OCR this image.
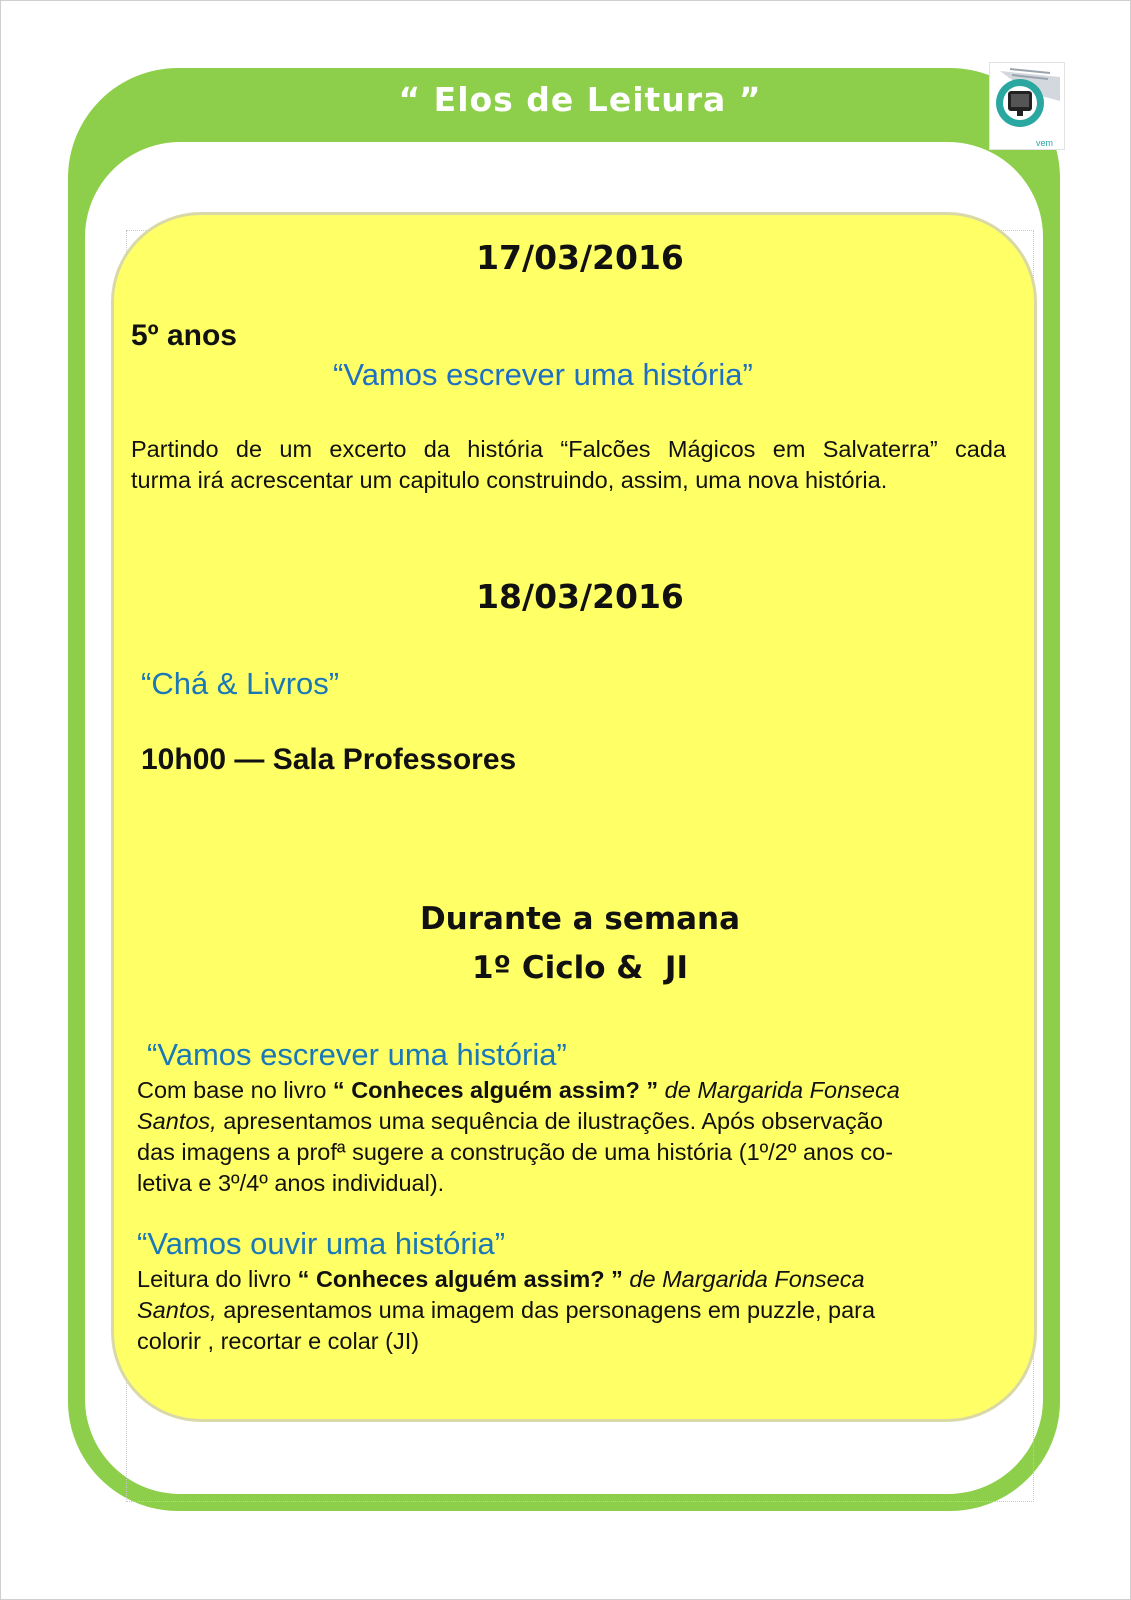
“ Elos de Leitura ”
vem
17/03/2016
5º anos
“Vamos escrever uma história”
Partindo de um excerto da história “Falcões Mágicos em Salvaterra” cada
turma irá acrescentar um capitulo construindo, assim, uma nova história.
18/03/2016
“Chá & Livros”
10h00 — Sala Professores
Durante a semana
1º Ciclo &  JI
“Vamos escrever uma história”
Com base no livro “ Conheces alguém assim? ” de Margarida Fonseca
Santos, apresentamos uma sequência de ilustrações. Após observação
das imagens a profª sugere a construção de uma história (1º/2º anos co-
letiva e 3º/4º anos individual).
“Vamos ouvir uma história”
Leitura do livro “ Conheces alguém assim? ” de Margarida Fonseca
Santos, apresentamos uma imagem das personagens em puzzle, para
colorir , recortar e colar (JI)
